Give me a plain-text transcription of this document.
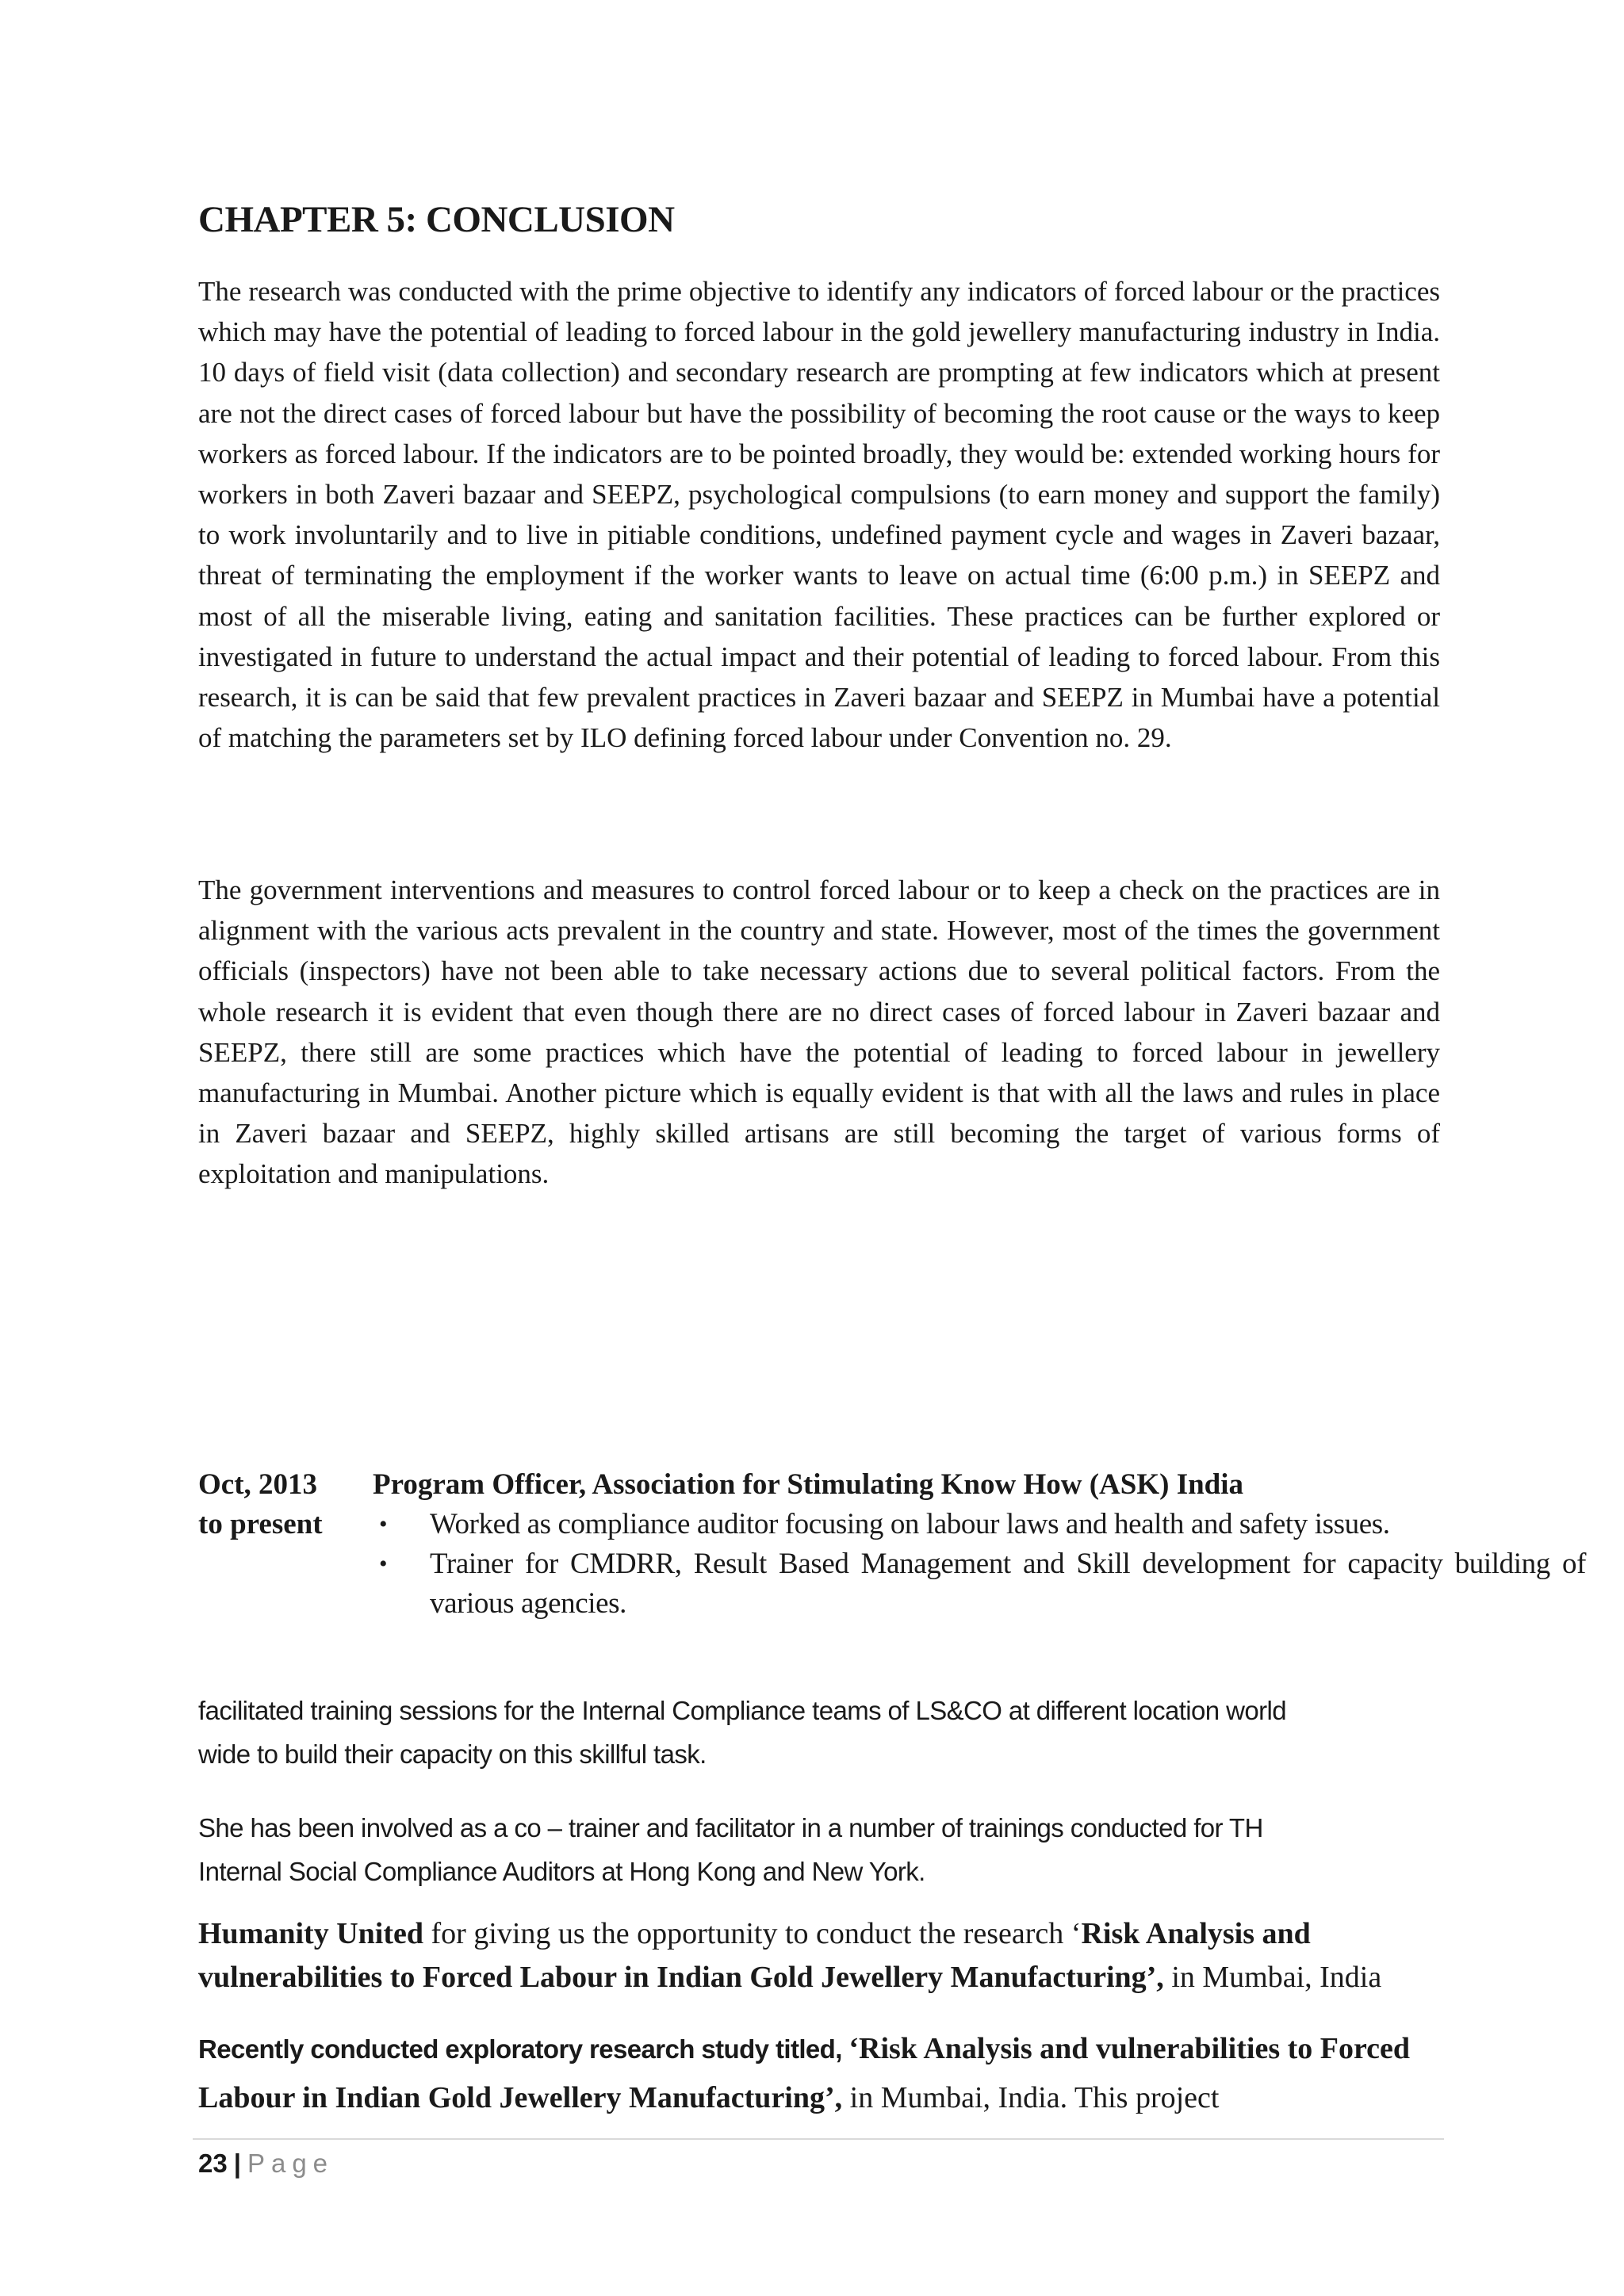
CHAPTER 5: CONCLUSION

The research was conducted with the prime objective to identify any indicators of forced labour or the practices which may have the potential of leading to forced labour in the gold jewellery manufacturing industry in India. 10 days of field visit (data collection) and secondary research are prompting at few indicators which at present are not the direct cases of forced labour but have the possibility of becoming the root cause or the ways to keep workers as forced labour. If the indicators are to be pointed broadly, they would be: extended working hours for workers in both Zaveri bazaar and SEEPZ, psychological compulsions (to earn money and support the family) to work involuntarily and to live in pitiable conditions, undefined payment cycle and wages in Zaveri bazaar, threat of terminating the employment if the worker wants to leave on actual time (6:00 p.m.) in SEEPZ and most of all the miserable living, eating and sanitation facilities. These practices can be further explored or investigated in future to understand the actual impact and their potential of leading to forced labour. From this research, it is can be said that few prevalent practices in Zaveri bazaar and SEEPZ in Mumbai have a potential of matching the parameters set by ILO defining forced labour under Convention no. 29.

The government interventions and measures to control forced labour or to keep a check on the practices are in alignment with the various acts prevalent in the country and state. However, most of the times the government officials (inspectors) have not been able to take necessary actions due to several political factors. From the whole research it is evident that even though there are no direct cases of forced labour in Zaveri bazaar and SEEPZ, there still are some practices which have the potential of leading to forced labour in jewellery manufacturing in Mumbai. Another picture which is equally evident is that with all the laws and rules in place in Zaveri bazaar and SEEPZ, highly skilled artisans are still becoming the target of various forms of exploitation and manipulations.

Oct, 2013
to present
Program Officer, Association for Stimulating Know How (ASK) India
• Worked as compliance auditor focusing on labour laws and health and safety issues.
• Trainer for CMDRR, Result Based Management and Skill development for capacity building of various agencies.

facilitated training sessions for the Internal Compliance teams of LS&CO at different location world
wide to build their capacity on this skillful task.

She has been involved as a co – trainer and facilitator in a number of trainings conducted for TH
Internal Social Compliance Auditors at Hong Kong and New York.

Humanity United for giving us the opportunity to conduct the research ‘Risk Analysis and vulnerabilities to Forced Labour in Indian Gold Jewellery Manufacturing’, in Mumbai, India

Recently conducted exploratory research study titled, ‘Risk Analysis and vulnerabilities to Forced Labour in Indian Gold Jewellery Manufacturing’, in Mumbai, India. This project

23 | Page
